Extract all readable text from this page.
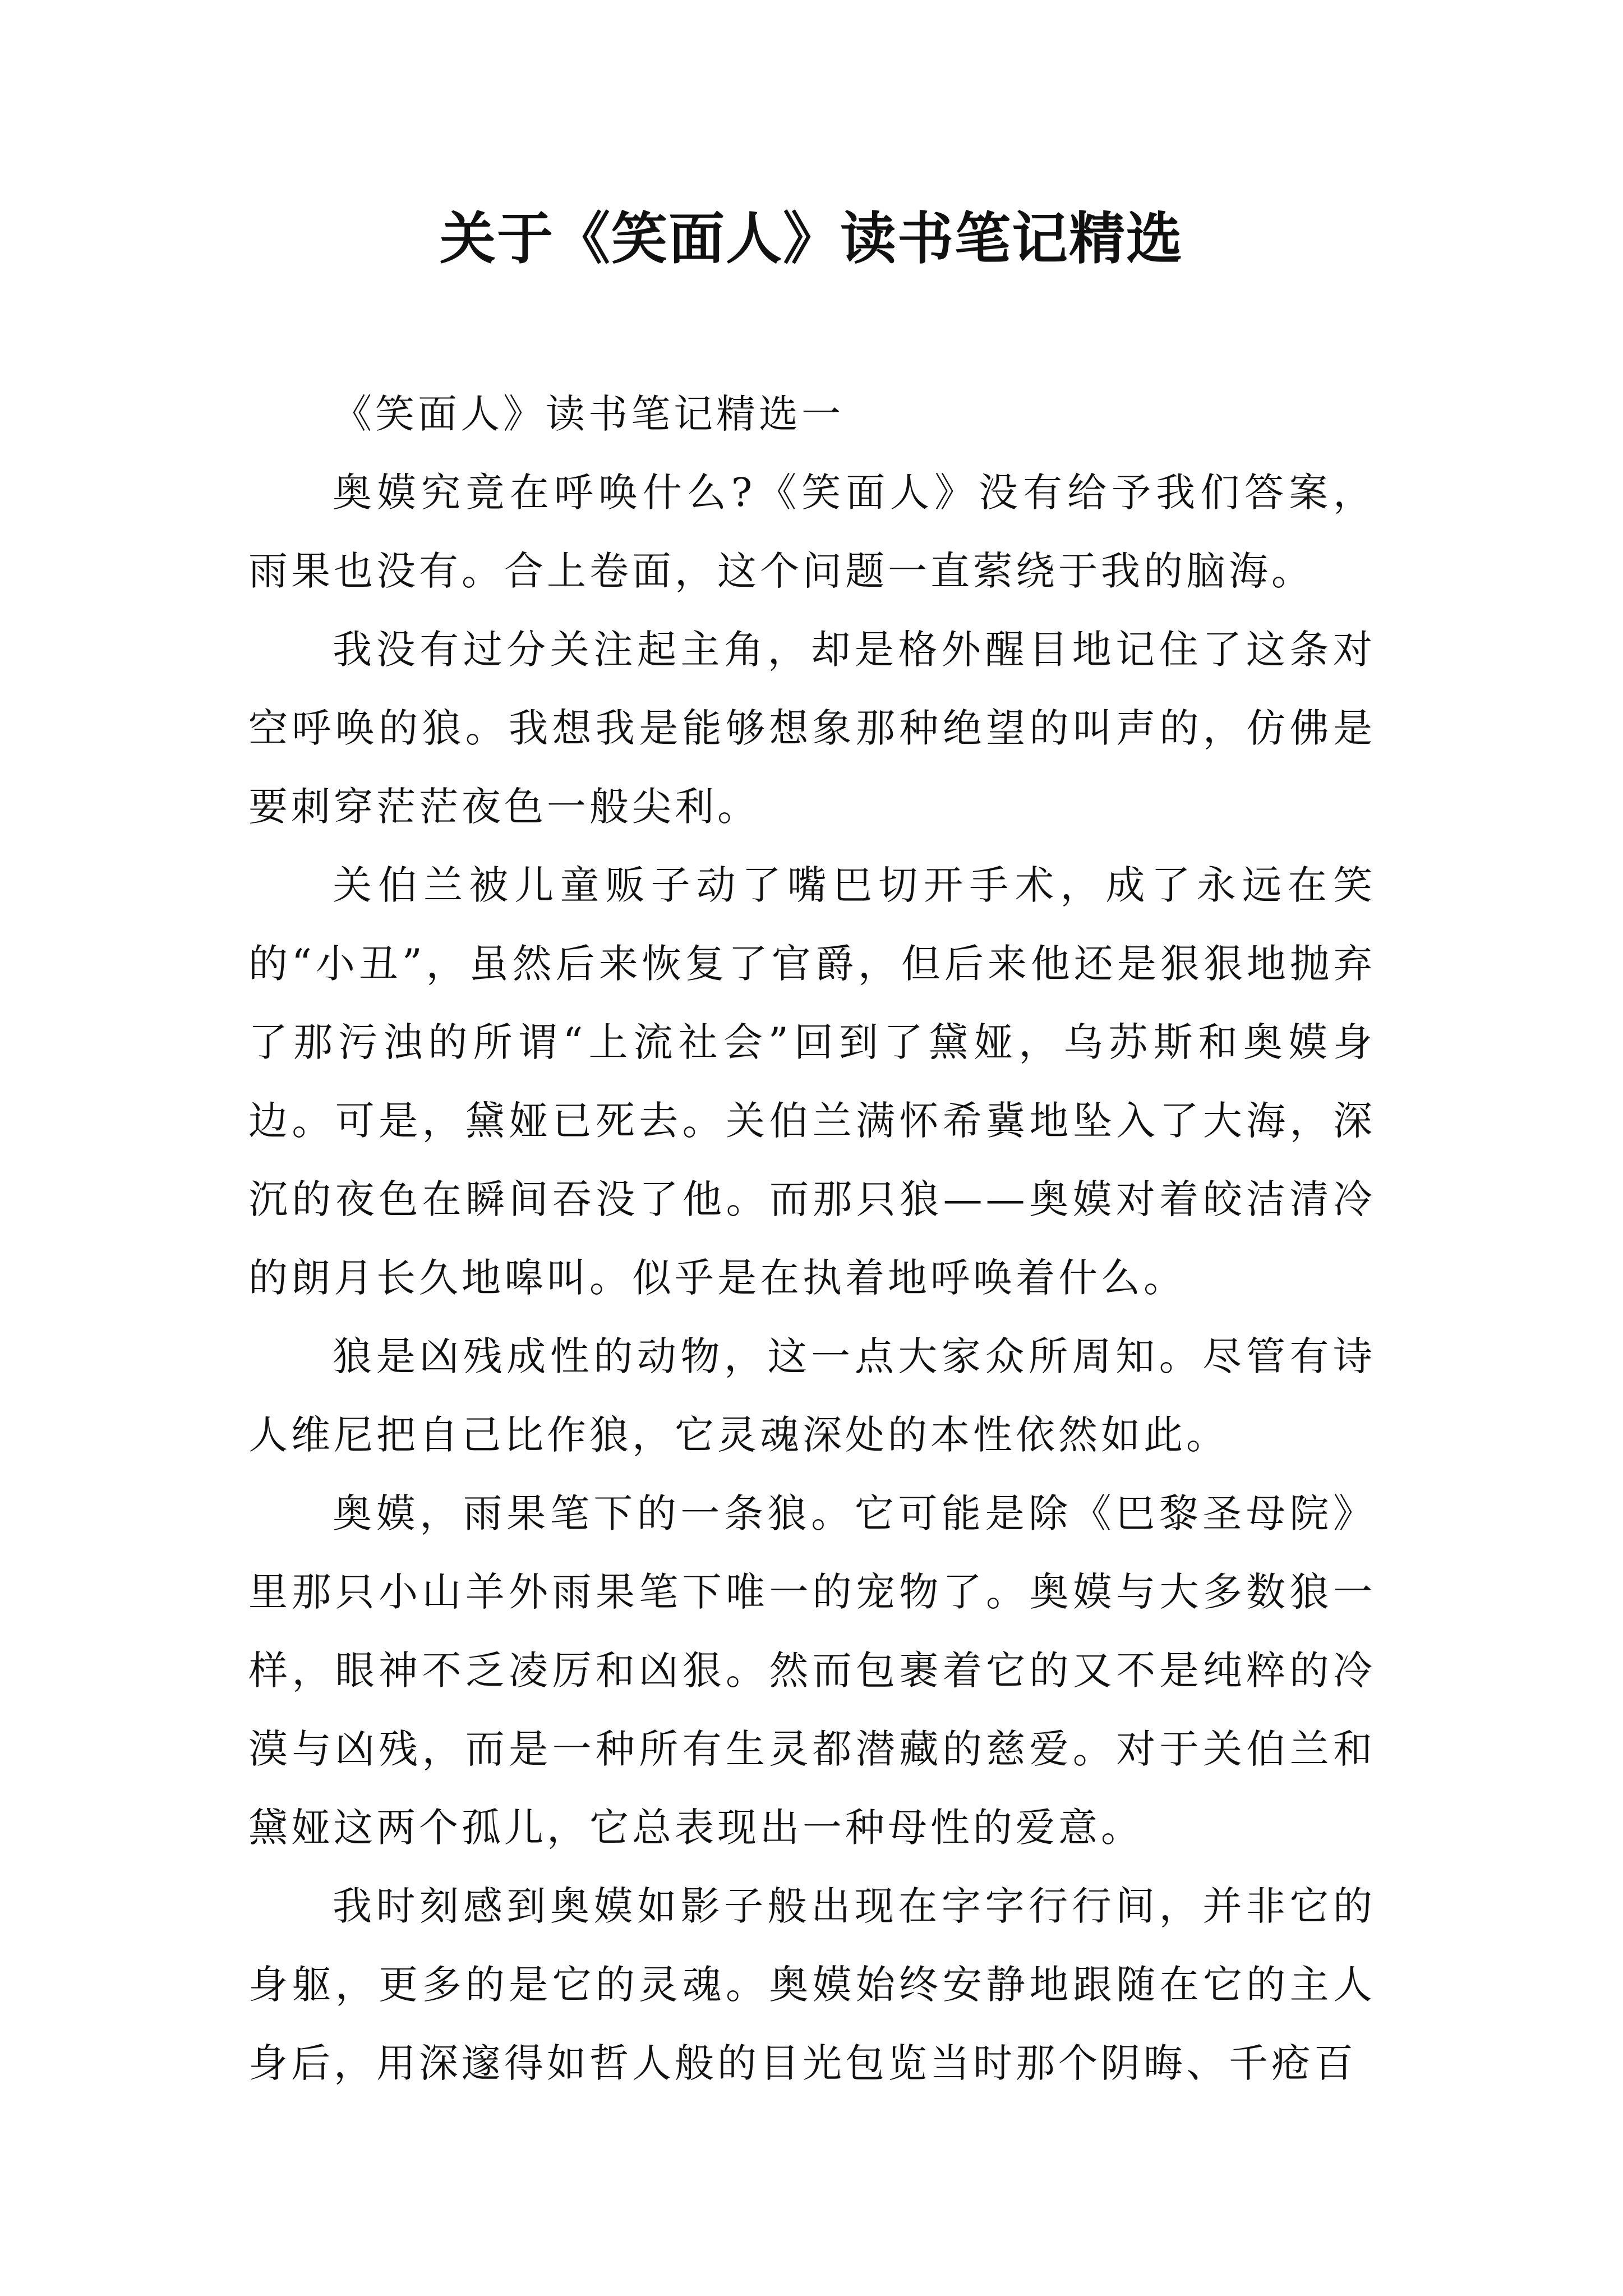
关于《笑面人》读书笔记精选

《笑面人》读书笔记精选一

奥嫫究竟在呼唤什么?《笑面人》没有给予我们答案，雨果也没有。合上卷面，这个问题一直萦绕于我的脑海。

我没有过分关注起主角，却是格外醒目地记住了这条对空呼唤的狼。我想我是能够想象那种绝望的叫声的，仿佛是要刺穿茫茫夜色一般尖利。

关伯兰被儿童贩子动了嘴巴切开手术，成了永远在笑的“小丑”，虽然后来恢复了官爵，但后来他还是狠狠地抛弃了那污浊的所谓“上流社会”回到了黛娅，乌苏斯和奥嫫身边。可是，黛娅已死去。关伯兰满怀希冀地坠入了大海，深沉的夜色在瞬间吞没了他。而那只狼——奥嫫对着皎洁清冷的朗月长久地嗥叫。似乎是在执着地呼唤着什么。

狼是凶残成性的动物，这一点大家众所周知。尽管有诗人维尼把自己比作狼，它灵魂深处的本性依然如此。

奥嫫，雨果笔下的一条狼。它可能是除《巴黎圣母院》里那只小山羊外雨果笔下唯一的宠物了。奥嫫与大多数狼一样，眼神不乏凌厉和凶狠。然而包裹着它的又不是纯粹的冷漠与凶残，而是一种所有生灵都潜藏的慈爱。对于关伯兰和黛娅这两个孤儿，它总表现出一种母性的爱意。

我时刻感到奥嫫如影子般出现在字字行行间，并非它的身躯，更多的是它的灵魂。奥嫫始终安静地跟随在它的主人身后，用深邃得如哲人般的目光包览当时那个阴晦、千疮百
